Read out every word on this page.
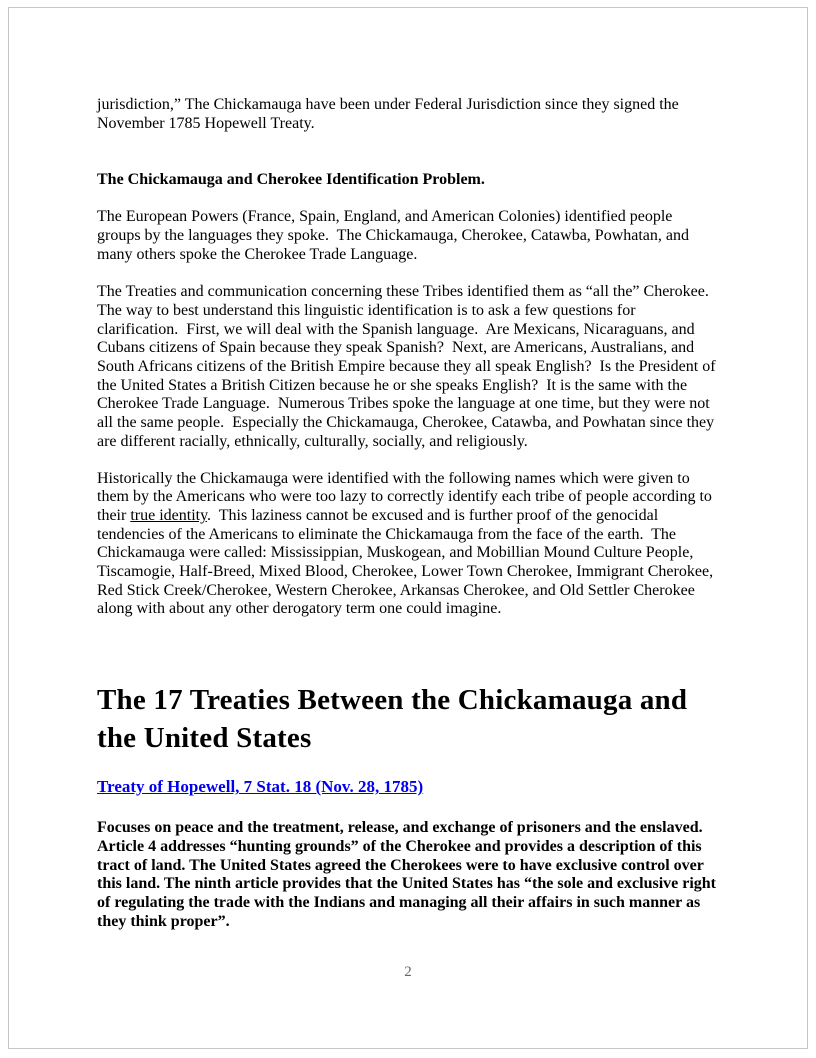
jurisdiction,” The Chickamauga have been under Federal Jurisdiction since they signed the November 1785 Hopewell Treaty.

The Chickamauga and Cherokee Identification Problem.

The European Powers (France, Spain, England, and American Colonies) identified people groups by the languages they spoke.  The Chickamauga, Cherokee, Catawba, Powhatan, and many others spoke the Cherokee Trade Language.

The Treaties and communication concerning these Tribes identified them as “all the” Cherokee.  The way to best understand this linguistic identification is to ask a few questions for clarification.  First, we will deal with the Spanish language.  Are Mexicans, Nicaraguans, and Cubans citizens of Spain because they speak Spanish?  Next, are Americans, Australians, and South Africans citizens of the British Empire because they all speak English?  Is the President of the United States a British Citizen because he or she speaks English?  It is the same with the Cherokee Trade Language.  Numerous Tribes spoke the language at one time, but they were not all the same people.  Especially the Chickamauga, Cherokee, Catawba, and Powhatan since they are different racially, ethnically, culturally, socially, and religiously.

Historically the Chickamauga were identified with the following names which were given to them by the Americans who were too lazy to correctly identify each tribe of people according to their true identity.  This laziness cannot be excused and is further proof of the genocidal tendencies of the Americans to eliminate the Chickamauga from the face of the earth.  The Chickamauga were called: Mississippian, Muskogean, and Mobillian Mound Culture People, Tiscamogie, Half-Breed, Mixed Blood, Cherokee, Lower Town Cherokee, Immigrant Cherokee, Red Stick Creek/Cherokee, Western Cherokee, Arkansas Cherokee, and Old Settler Cherokee along with about any other derogatory term one could imagine.

The 17 Treaties Between the Chickamauga and the United States
Treaty of Hopewell, 7 Stat. 18 (Nov. 28, 1785)

Focuses on peace and the treatment, release, and exchange of prisoners and the enslaved. Article 4 addresses “hunting grounds” of the Cherokee and provides a description of this tract of land. The United States agreed the Cherokees were to have exclusive control over this land. The ninth article provides that the United States has “the sole and exclusive right of regulating the trade with the Indians and managing all their affairs in such manner as they think proper”.

2
